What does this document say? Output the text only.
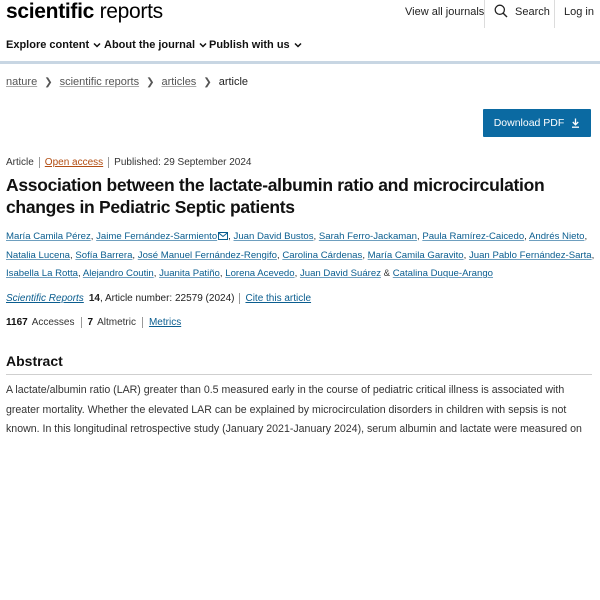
scientific reports	View all journals	Search Log in
Explore content About the journal Publish with us
nature ❯ scientific reports ❯ articles ❯ article
Download PDF
Article Open access Published: 29 September 2024
Association between the lactate-albumin ratio and microcirculation changes in Pediatric Septic patients
María Camila Pérez, Jaime Fernández-Sarmiento , Juan David Bustos, Sarah Ferro-Jackaman, Paula Ramírez-Caicedo, Andrés Nieto, Natalia Lucena, Sofía Barrera, José Manuel Fernández-Rengifo, Carolina Cárdenas, María Camila Garavito, Juan Pablo Fernández-Sarta, Isabella La Rotta, Alejandro Coutin, Juanita Patiño, Lorena Acevedo, Juan David Suárez & Catalina Duque-Arango
Scientific Reports 14 , Article number: 22579 (2024) Cite this article
1167 Accesses 7 Altmetric Metrics
Abstract

A lactate/albumin ratio (LAR) greater than 0.5 measured early in the course of pediatric critical illness is associated with greater mortality. Whether the elevated LAR can be explained by microcirculation disorders in children with sepsis is not known. In this longitudinal retrospective study (January 2021-January 2024), serum albumin and lactate were measured on
